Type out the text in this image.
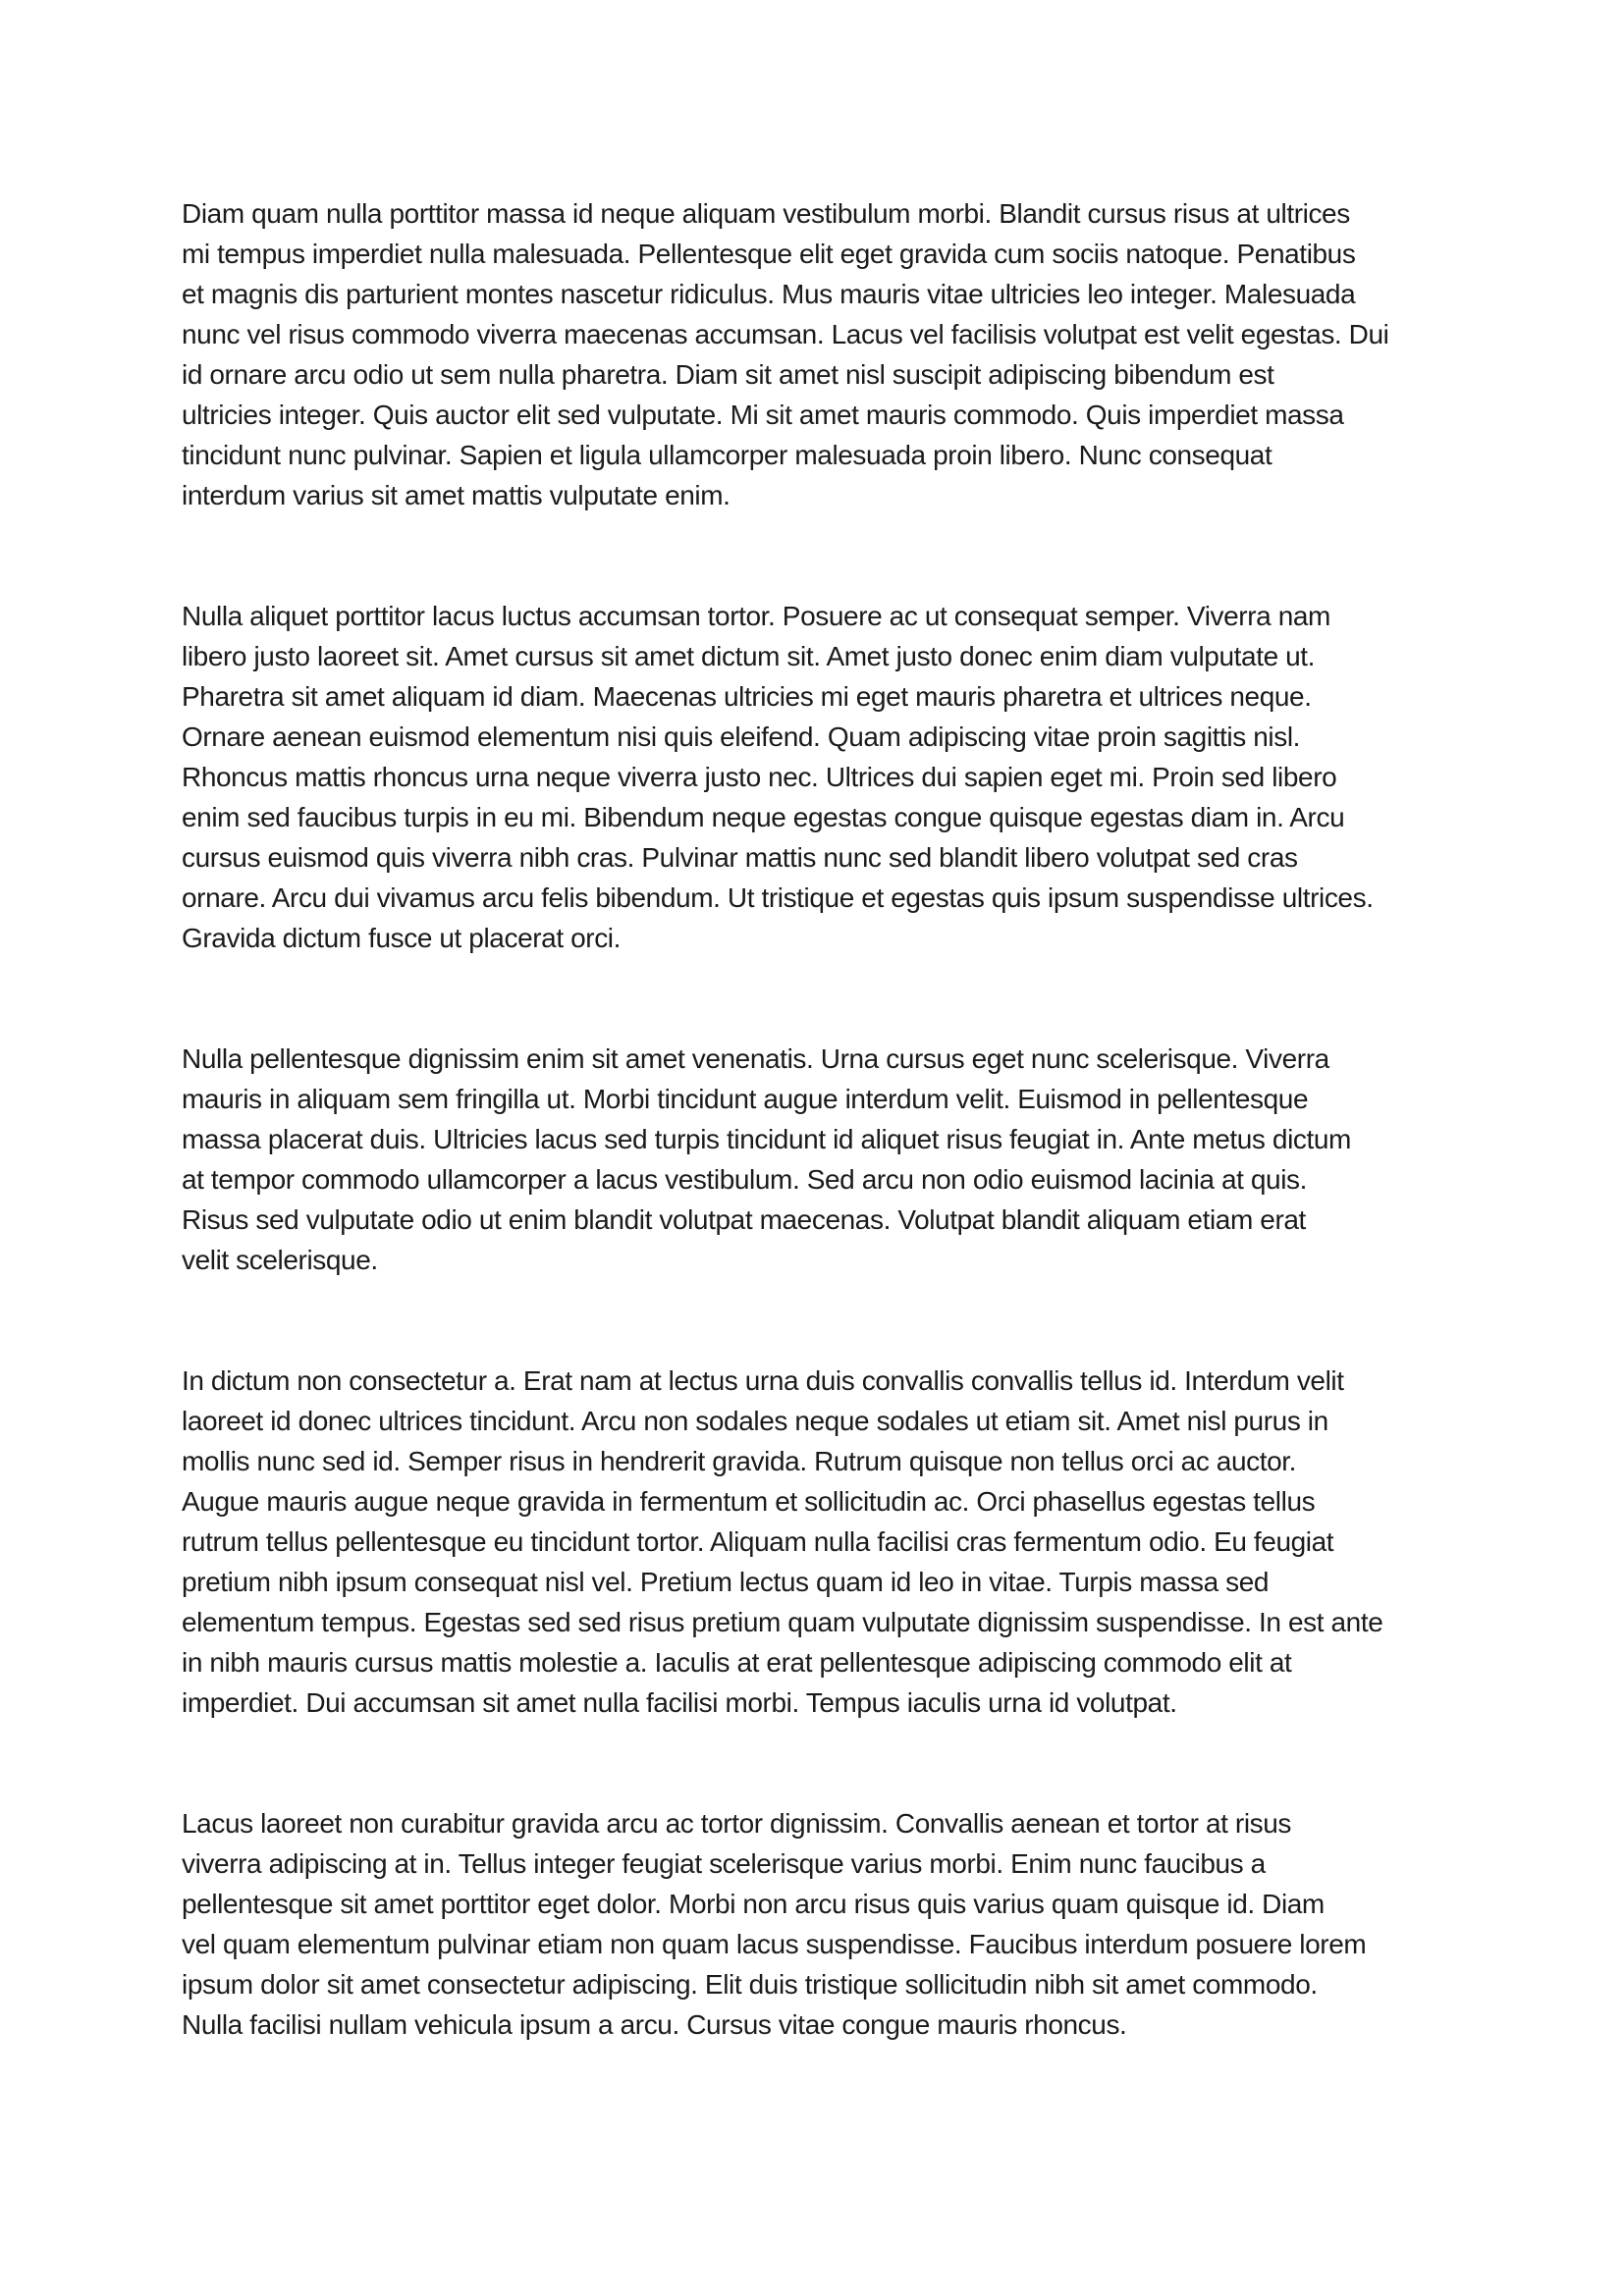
Diam quam nulla porttitor massa id neque aliquam vestibulum morbi. Blandit cursus risus at ultrices
mi tempus imperdiet nulla malesuada. Pellentesque elit eget gravida cum sociis natoque. Penatibus
et magnis dis parturient montes nascetur ridiculus. Mus mauris vitae ultricies leo integer. Malesuada
nunc vel risus commodo viverra maecenas accumsan. Lacus vel facilisis volutpat est velit egestas. Dui
id ornare arcu odio ut sem nulla pharetra. Diam sit amet nisl suscipit adipiscing bibendum est
ultricies integer. Quis auctor elit sed vulputate. Mi sit amet mauris commodo. Quis imperdiet massa
tincidunt nunc pulvinar. Sapien et ligula ullamcorper malesuada proin libero. Nunc consequat
interdum varius sit amet mattis vulputate enim.

Nulla aliquet porttitor lacus luctus accumsan tortor. Posuere ac ut consequat semper. Viverra nam
libero justo laoreet sit. Amet cursus sit amet dictum sit. Amet justo donec enim diam vulputate ut.
Pharetra sit amet aliquam id diam. Maecenas ultricies mi eget mauris pharetra et ultrices neque.
Ornare aenean euismod elementum nisi quis eleifend. Quam adipiscing vitae proin sagittis nisl.
Rhoncus mattis rhoncus urna neque viverra justo nec. Ultrices dui sapien eget mi. Proin sed libero
enim sed faucibus turpis in eu mi. Bibendum neque egestas congue quisque egestas diam in. Arcu
cursus euismod quis viverra nibh cras. Pulvinar mattis nunc sed blandit libero volutpat sed cras
ornare. Arcu dui vivamus arcu felis bibendum. Ut tristique et egestas quis ipsum suspendisse ultrices.
Gravida dictum fusce ut placerat orci.

Nulla pellentesque dignissim enim sit amet venenatis. Urna cursus eget nunc scelerisque. Viverra
mauris in aliquam sem fringilla ut. Morbi tincidunt augue interdum velit. Euismod in pellentesque
massa placerat duis. Ultricies lacus sed turpis tincidunt id aliquet risus feugiat in. Ante metus dictum
at tempor commodo ullamcorper a lacus vestibulum. Sed arcu non odio euismod lacinia at quis.
Risus sed vulputate odio ut enim blandit volutpat maecenas. Volutpat blandit aliquam etiam erat
velit scelerisque.

In dictum non consectetur a. Erat nam at lectus urna duis convallis convallis tellus id. Interdum velit
laoreet id donec ultrices tincidunt. Arcu non sodales neque sodales ut etiam sit. Amet nisl purus in
mollis nunc sed id. Semper risus in hendrerit gravida. Rutrum quisque non tellus orci ac auctor.
Augue mauris augue neque gravida in fermentum et sollicitudin ac. Orci phasellus egestas tellus
rutrum tellus pellentesque eu tincidunt tortor. Aliquam nulla facilisi cras fermentum odio. Eu feugiat
pretium nibh ipsum consequat nisl vel. Pretium lectus quam id leo in vitae. Turpis massa sed
elementum tempus. Egestas sed sed risus pretium quam vulputate dignissim suspendisse. In est ante
in nibh mauris cursus mattis molestie a. Iaculis at erat pellentesque adipiscing commodo elit at
imperdiet. Dui accumsan sit amet nulla facilisi morbi. Tempus iaculis urna id volutpat.

Lacus laoreet non curabitur gravida arcu ac tortor dignissim. Convallis aenean et tortor at risus
viverra adipiscing at in. Tellus integer feugiat scelerisque varius morbi. Enim nunc faucibus a
pellentesque sit amet porttitor eget dolor. Morbi non arcu risus quis varius quam quisque id. Diam
vel quam elementum pulvinar etiam non quam lacus suspendisse. Faucibus interdum posuere lorem
ipsum dolor sit amet consectetur adipiscing. Elit duis tristique sollicitudin nibh sit amet commodo.
Nulla facilisi nullam vehicula ipsum a arcu. Cursus vitae congue mauris rhoncus.
